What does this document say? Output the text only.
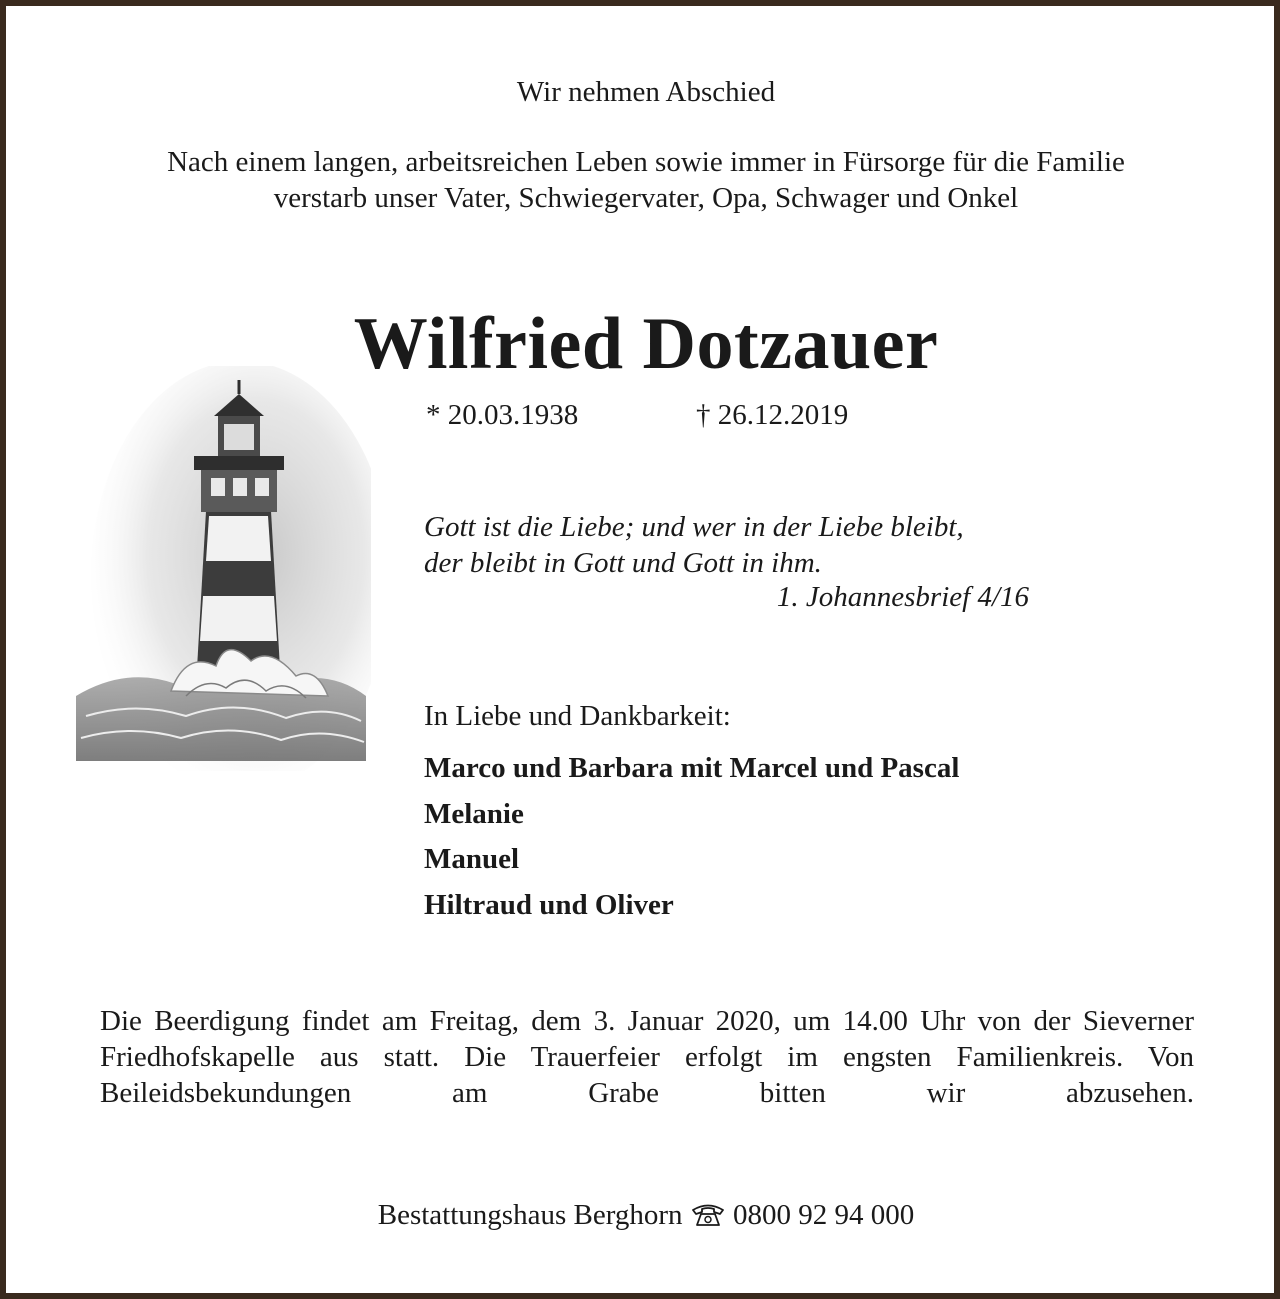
Wir nehmen Abschied
Nach einem langen, arbeitsreichen Leben sowie immer in Fürsorge für die Familie
verstarb unser Vater, Schwiegervater, Opa, Schwager und Onkel
Wilfried Dotzauer
* 20.03.1938	† 26.12.2019
Gott ist die Liebe; und wer in der Liebe bleibt,
der bleibt in Gott und Gott in ihm.
1. Johannesbrief 4/16
In Liebe und Dankbarkeit:
Marco und Barbara mit Marcel und Pascal
Melanie
Manuel
Hiltraud und Oliver
Die Beerdigung findet am Freitag, dem 3. Januar 2020, um 14.00 Uhr von der Sieverner Friedhofskapelle aus statt. Die Trauerfeier erfolgt im engsten Familienkreis. Von Beileidsbekundungen am Grabe bitten wir abzusehen.
Bestattungshaus Berghorn 0800 92 94 000
